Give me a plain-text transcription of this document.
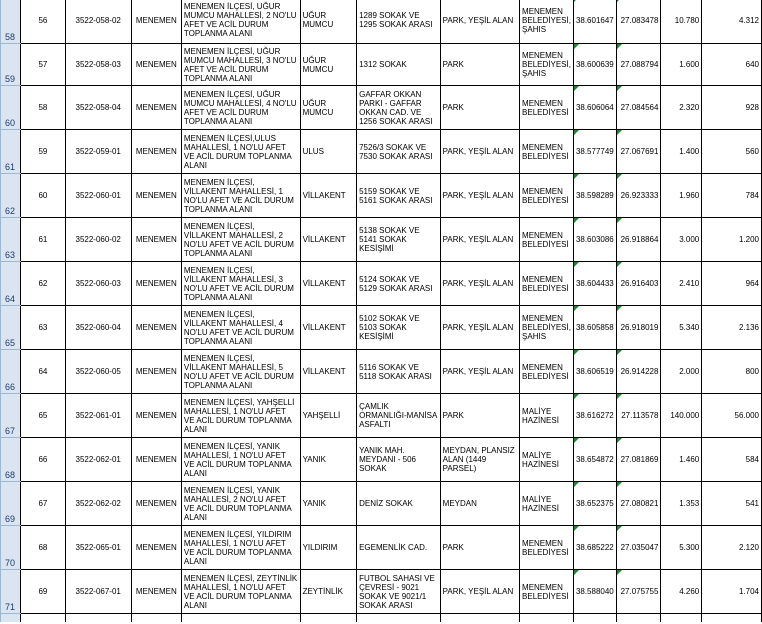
58	56	3522-058-02	MENEMEN	MENEMEN İLÇESİ, UĞUR MUMCU MAHALLESİ, 2 NO'LU AFET VE ACİL DURUM TOPLANMA ALANI	UĞUR MUMCU	1289 SOKAK VE 1295 SOKAK ARASI	PARK, YEŞİL ALAN	MENEMEN BELEDİYESİ, ŞAHIS	38.601647	27.083478	10.780	4.312
59	57	3522-058-03	MENEMEN	MENEMEN İLÇESİ, UĞUR MUMCU MAHALLESİ, 3 NO'LU AFET VE ACİL DURUM TOPLANMA ALANI	UĞUR MUMCU	1312 SOKAK	PARK	MENEMEN BELEDİYESİ, ŞAHIS	38.600639	27.088794	1.600	640
60	58	3522-058-04	MENEMEN	MENEMEN İLÇESİ, UĞUR MUMCU MAHALLESİ, 4 NO'LU AFET VE ACİL DURUM TOPLANMA ALANI	UĞUR MUMCU	GAFFAR OKKAN PARKI - GAFFAR OKKAN CAD. VE 1256 SOKAK ARASI	PARK	MENEMEN BELEDİYESİ	38.606064	27.084564	2.320	928
61	59	3522-059-01	MENEMEN	MENEMEN İLÇESİ,ULUS MAHALLESİ, 1 NO'LU AFET VE ACİL DURUM TOPLANMA ALANI	ULUS	7526/3 SOKAK VE 7530 SOKAK ARASI	PARK, YEŞİL ALAN	MENEMEN BELEDİYESİ	38.577749	27.067691	1.400	560
62	60	3522-060-01	MENEMEN	MENEMEN İLÇESİ, VİLLAKENT MAHALLESİ, 1 NO'LU AFET VE ACİL DURUM TOPLANMA ALANI	VİLLAKENT	5159 SOKAK VE 5161 SOKAK ARASI	PARK, YEŞİL ALAN	MENEMEN BELEDİYESİ	38.598289	26.923333	1.960	784
63	61	3522-060-02	MENEMEN	MENEMEN İLÇESİ, VİLLAKENT MAHALLESİ, 2 NO'LU AFET VE ACİL DURUM TOPLANMA ALANI	VİLLAKENT	5138 SOKAK VE 5141 SOKAK KESİŞİMİ	PARK, YEŞİL ALAN	MENEMEN BELEDİYESİ	38.603086	26.918864	3.000	1.200
64	62	3522-060-03	MENEMEN	MENEMEN İLÇESİ, VİLLAKENT MAHALLESİ, 3 NO'LU AFET VE ACİL DURUM TOPLANMA ALANI	VİLLAKENT	5124 SOKAK VE 5129 SOKAK ARASI	PARK, YEŞİL ALAN	MENEMEN BELEDİYESİ	38.604433	26.916403	2.410	964
65	63	3522-060-04	MENEMEN	MENEMEN İLÇESİ, VİLLAKENT MAHALLESİ, 4 NO'LU AFET VE ACİL DURUM TOPLANMA ALANI	VİLLAKENT	5102 SOKAK VE 5103 SOKAK KESİŞİMİ	PARK, YEŞİL ALAN	MENEMEN BELEDİYESİ, ŞAHIS	38.605858	26.918019	5.340	2.136
66	64	3522-060-05	MENEMEN	MENEMEN İLÇESİ, VİLLAKENT MAHALLESİ, 5 NO'LU AFET VE ACİL DURUM TOPLANMA ALANI	VİLLAKENT	5116 SOKAK VE 5118 SOKAK ARASI	PARK, YEŞİL ALAN	MENEMEN BELEDİYESİ	38.606519	26.914228	2.000	800
67	65	3522-061-01	MENEMEN	MENEMEN İLÇESİ, YAHŞELLİ MAHALLESİ, 1 NO'LU AFET VE ACİL DURUM TOPLANMA ALANI	YAHŞELLİ	ÇAMLIK ORMANLIĞI-MANİSA ASFALTI	PARK	MALİYE HAZİNESİ	38.616272	27.113578	140.000	56.000
68	66	3522-062-01	MENEMEN	MENEMEN İLÇESİ, YANIK MAHALLESİ, 1 NO'LU AFET VE ACİL DURUM TOPLANMA ALANI	YANIK	YANIK MAH. MEYDANI - 506 SOKAK	MEYDAN, PLANSIZ ALAN (1449 PARSEL)	MALİYE HAZİNESİ	38.654872	27.081869	1.460	584
69	67	3522-062-02	MENEMEN	MENEMEN İLÇESİ, YANIK MAHALLESİ, 2 NO'LU AFET VE ACİL DURUM TOPLANMA ALANI	YANIK	DENİZ SOKAK	MEYDAN	MALİYE HAZİNESİ	38.652375	27.080821	1.353	541
70	68	3522-065-01	MENEMEN	MENEMEN İLÇESİ, YILDIRIM MAHALLESİ, 1 NO'LU AFET VE ACİL DURUM TOPLANMA ALANI	YILDIRIM	EGEMENLİK CAD.	PARK	MENEMEN BELEDİYESİ	38.685222	27.035047	5.300	2.120
71	69	3522-067-01	MENEMEN	MENEMEN İLÇESİ, ZEYTİNLİK MAHALLESİ, 1 NO'LU AFET VE ACİL DURUM TOPLANMA ALANI	ZEYTİNLİK	FUTBOL SAHASI VE ÇEVRESİ - 9021 SOKAK VE 9021/1 SOKAK ARASI	PARK, YEŞİL ALAN	MENEMEN BELEDİYESİ	38.588040	27.075755	4.260	1.704
